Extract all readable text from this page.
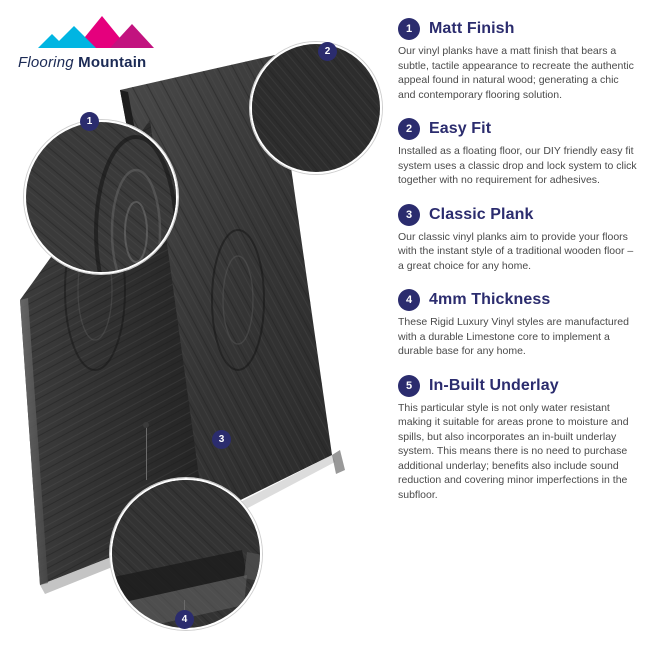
Flooring Mountain
1
2
3
4
1	Matt Finish
Our vinyl planks have a matt finish that bears a subtle, tactile appearance to recreate the authentic appeal found in natural wood; generating a chic and contemporary flooring solution.
2	Easy Fit
Installed as a floating floor, our DIY friendly easy fit system uses a classic drop and lock system to click together with no requirement for adhesives.
3	Classic Plank
Our classic vinyl planks aim to provide your floors with the instant style of a traditional wooden floor – a great choice for any home.
4	4mm Thickness
These Rigid Luxury Vinyl styles are manufactured with a durable Limestone core to implement a durable base for any home.
5	In-Built Underlay
This particular style is not only water resistant making it suitable for areas prone to moisture and spills, but also incorporates an in-built underlay system. This means there is no need to purchase additional underlay; benefits also include sound reduction and covering minor imperfections in the subfloor.
